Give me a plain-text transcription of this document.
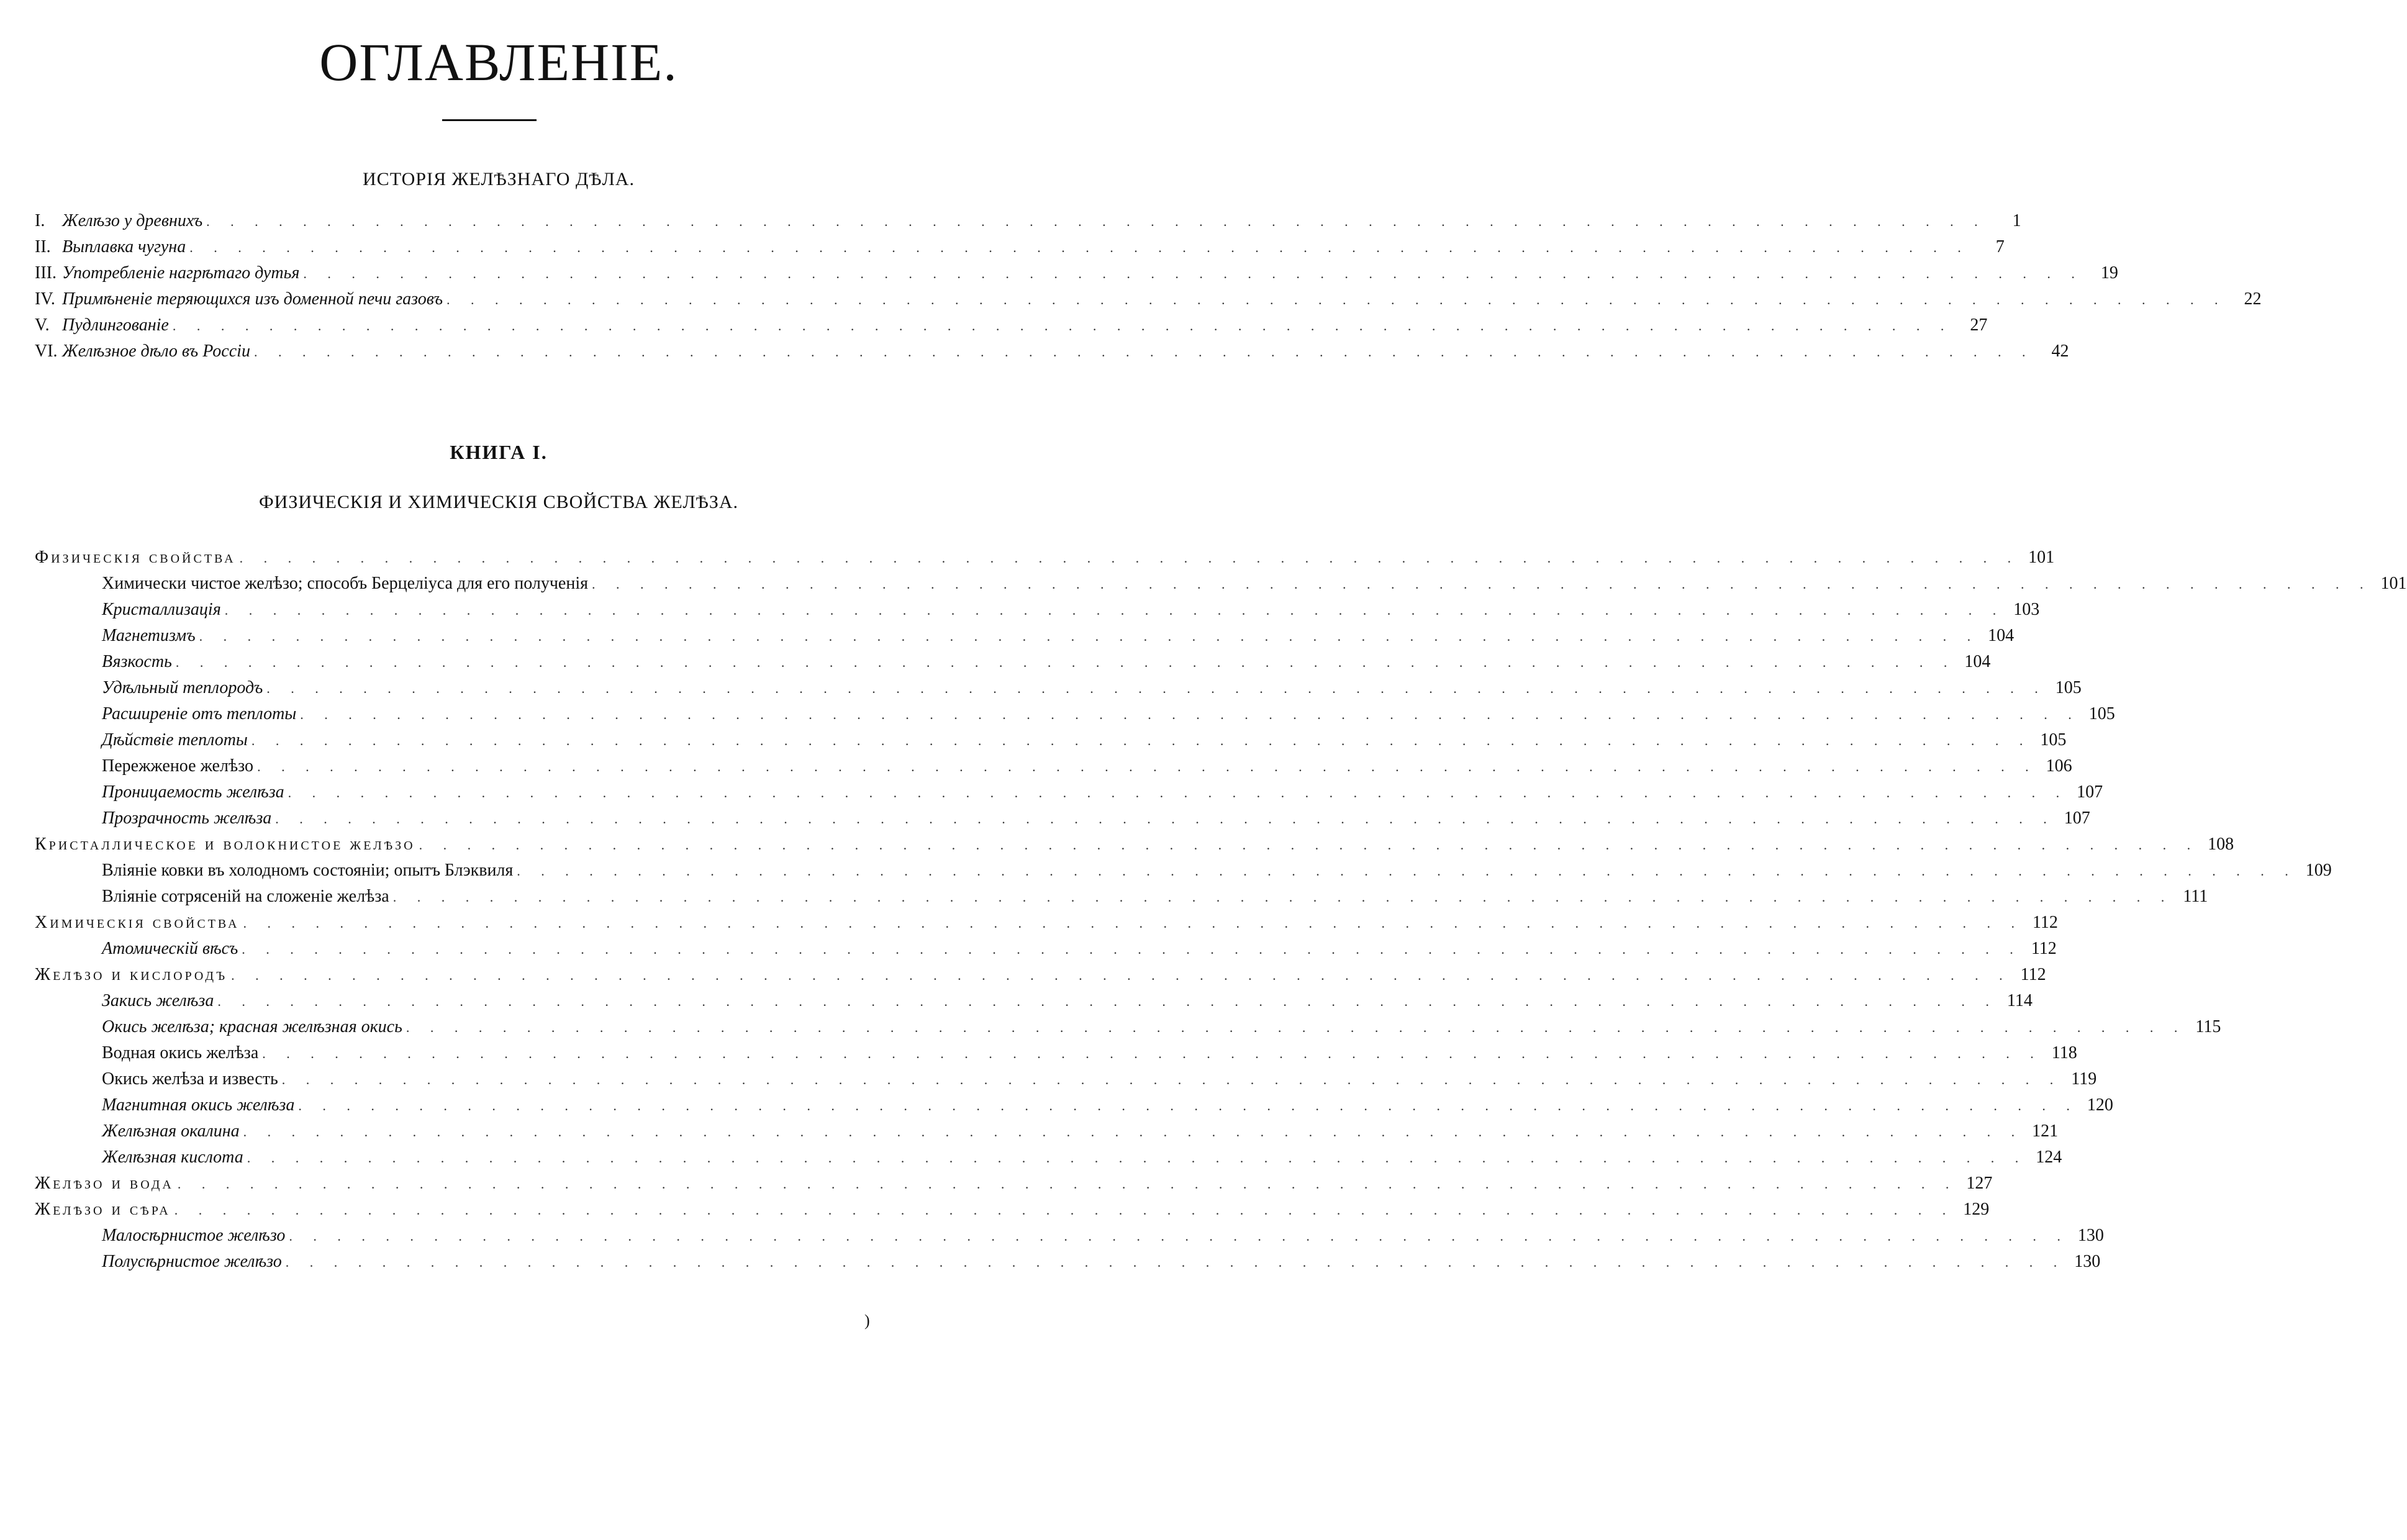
ОГЛАВЛЕНІЕ.
ИСТОРІЯ ЖЕЛѢЗНАГО ДѢЛА.
I. Желѣзо у древнихъ . . .	1
II. Выплавка чугуна . . .	7
III. Употребленіе нагрѣтаго дутья . . .	19
IV. Примѣненіе теряющихся изъ доменной печи газовъ . . .	22
V. Пудлингованіе . . .	27
VI. Желѣзное дѣло въ Россіи . . .	42
КНИГА I.
ФИЗИЧЕСКІЯ И ХИМИЧЕСКІЯ СВОЙСТВА ЖЕЛѢЗА.
Физическія свойства . . .	101
Химически чистое желѣзо; способъ Берцеліуса для его полученія . . .	101
Кристаллизація . . .	103
Магнетизмъ . . .	104
Вязкость . . .	104
Удѣльный теплородъ . . .	105
Расширеніе отъ теплоты . . .	105
Дѣйствіе теплоты . . .	105
Пережженое желѣзо . . .	106
Проницаемость желѣза . . .	107
Прозрачность желѣза . . .	107
Кристаллическое и волокнистое желѣзо . . .	108
Вліяніе ковки въ холодномъ состояніи; опытъ Блэквиля . . .	109
Вліяніе сотрясеній на сложеніе желѣза . . .	111
Химическія свойства . . .	112
Атомическій вѣсъ . . .	112
Желѣзо и кислородъ . . .	112
Закись желѣза . . .	114
Окись желѣза; красная желѣзная окись . . .	115
Водная окись желѣза . . .	118
Окись желѣза и известь . . .	119
Магнитная окись желѣза . . .	120
Желѣзная окалина . . .	121
Желѣзная кислота . . .	124
Желѣзо и вода . . .	127
Желѣзо и сѣра . . .	129
Малосѣрнистое желѣзо . . .	130
Полусѣрнистое желѣзо . . .	130
)
